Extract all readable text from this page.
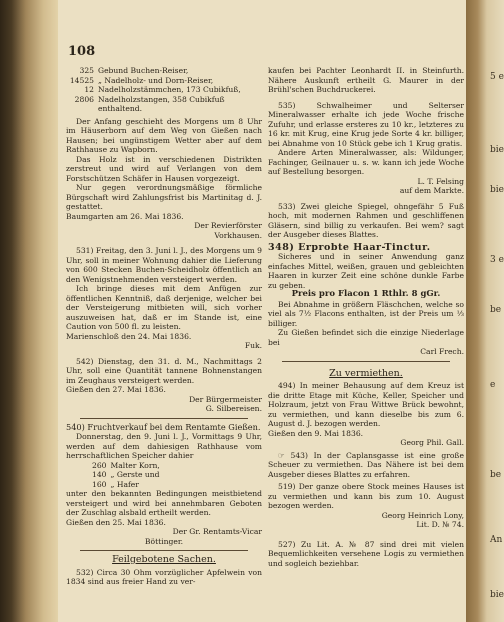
108
325	Gebund Buchen-Reiser,
14525	„ Nadelholz- und Dorn-Reiser,
12	Nadelholzstämmchen, 173 Cubikfuß,
2806	Nadelholzstangen, 358 Cubikfuß enthaltend.

Der Anfang geschieht des Morgens um 8 Uhr im Häuserborn auf dem Weg von Gießen nach Hausen; bei ungünstigem Wetter aber auf dem Rathhause zu Wapborn.

Das Holz ist in verschiedenen Distrikten zerstreut und wird auf Verlangen von dem Forstschützen Schäfer in Hausen vorgezeigt.

Nur gegen verordnungsmäßige förmliche Bürgschaft wird Zahlungsfrist bis Martinitag d. J. gestattet.

Baumgarten am 26. Mai 1836.

Der Revierförster
Vorkhausen.

531) Freitag, den 3. Juni l. J., des Morgens um 9 Uhr, soll in meiner Wohnung dahier die Lieferung von 600 Stecken Buchen-Scheidholz öffentlich an den Wenigstnehmenden versteigert werden.

Ich bringe dieses mit dem Anfügen zur öffentlichen Kenntniß, daß derjenige, welcher bei der Versteigerung mitbieten will, sich vorher auszuweisen hat, daß er im Stande ist, eine Caution von 500 fl. zu leisten.

Marienschloß den 24. Mai 1836.

Fuk.

542) Dienstag, den 31. d. M., Nachmittags 2 Uhr, soll eine Quantität tannene Bohnenstangen im Zeughaus versteigert werden.

Gießen den 27. Mai 1836.

Der Bürgermeister
G. Silbereisen.

540) Fruchtverkauf bei dem Rentamte Gießen.

Donnerstag, den 9. Juni l. J., Vormittags 9 Uhr, werden auf dem dahiesigen Rathhause vom herrschaftlichen Speicher dahier

260	Malter Korn,
140	„ Gerste und
160	„ Hafer

unter den bekannten Bedingungen meistbietend versteigert und wird bei annehmbaren Geboten der Zuschlag alsbald ertheilt werden.

Gießen den 25. Mai 1836.

Der Gr. Rentamts-Vicar
Böttinger.
Feilgebotene Sachen.

532) Circa 30 Ohm vorzüglicher Apfelwein von 1834 sind aus freier Hand zu ver-

kaufen bei Pachter Leonhardt II. in Steinfurth. Nähere Auskunft ertheilt G. Maurer in der Brühl'schen Buchdruckerei.

535) Schwalheimer und Selterser Mineralwasser erhalte ich jede Woche frische Zufuhr, und erlasse ersteres zu 10 kr., letzteres zu 16 kr. mit Krug, eine Krug jede Sorte 4 kr. billiger, bei Abnahme von 10 Stück gebe ich 1 Krug gratis.

Andere Arten Mineralwasser, als: Wildunger, Fachinger, Geilnauer u. s. w. kann ich jede Woche auf Bestellung besorgen.

L. T. Felsing
auf dem Markte.

533) Zwei gleiche Spiegel, ohngefähr 5 Fuß hoch, mit modernen Rahmen und geschliffenen Gläsern, sind billig zu verkaufen. Bei wem? sagt der Ausgeber dieses Blattes.

348) Erprobte Haar-Tinctur.

Sicheres und in seiner Anwendung ganz einfaches Mittel, weißen, grauen und gebleichten Haaren in kurzer Zeit eine schöne dunkle Farbe zu geben.

Preis pro Flacon 1 Rthlr. 8 gGr.

Bei Abnahme in größern Fläschchen, welche so viel als 7½ Flacons enthalten, ist der Preis um ⅓ billiger.

Zu Gießen befindet sich die einzige Niederlage bei

Carl Frech.
Zu vermiethen.

494) In meiner Behausung auf dem Kreuz ist die dritte Etage mit Küche, Keller, Speicher und Holzraum, jetzt von Frau Wittwe Brück bewohnt, zu vermiethen, und kann dieselbe bis zum 6. August d. J. bezogen werden.

Gießen den 9. Mai 1836.

Georg Phil. Gall.

☞ 543) In der Caplansgasse ist eine große Scheuer zu vermiethen. Das Nähere ist bei dem Ausgeber dieses Blattes zu erfahren.

519) Der ganze obere Stock meines Hauses ist zu vermiethen und kann bis zum 10. August bezogen werden.

Georg Heinrich Lony,
Lit. D. № 74.

527) Zu Lit. A. № 87 sind drei mit vielen Bequemlichkeiten versehene Logis zu vermiethen und sogleich beziehbar.

5 e
bie
bie
3 e
be
e
be
An
bie
